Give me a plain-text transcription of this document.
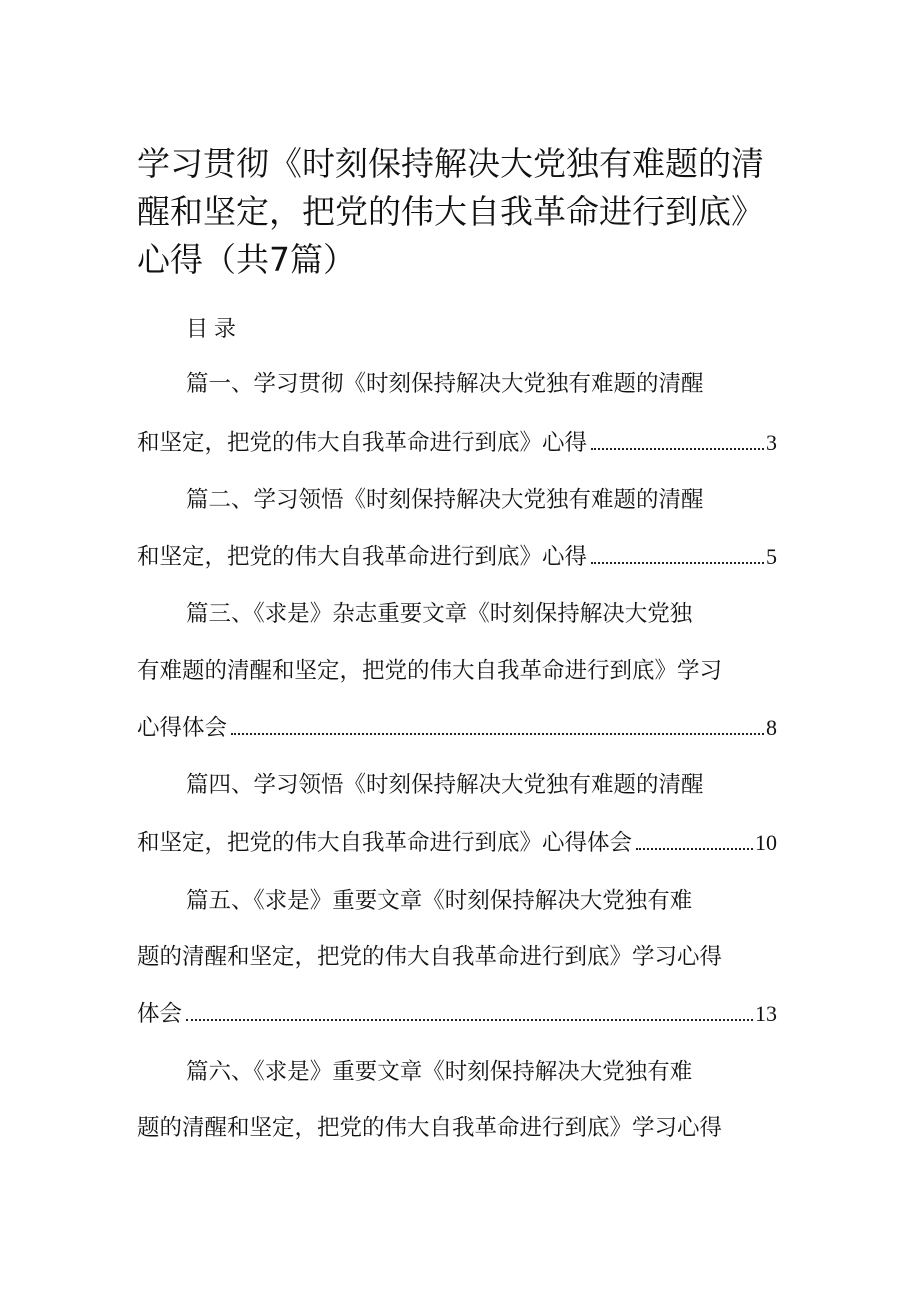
学习贯彻《时刻保持解决大党独有难题的清
醒和坚定，把党的伟大自我革命进行到底》
心得（共7篇）
目录
篇一、学习贯彻《时刻保持解决大党独有难题的清醒
和坚定，把党的伟大自我革命进行到底》心得	3
篇二、学习领悟《时刻保持解决大党独有难题的清醒
和坚定，把党的伟大自我革命进行到底》心得	5
篇三、《求是》杂志重要文章《时刻保持解决大党独
有难题的清醒和坚定，把党的伟大自我革命进行到底》学习
心得体会	8
篇四、学习领悟《时刻保持解决大党独有难题的清醒
和坚定，把党的伟大自我革命进行到底》心得体会	10
篇五、《求是》重要文章《时刻保持解决大党独有难
题的清醒和坚定，把党的伟大自我革命进行到底》学习心得
体会	13
篇六、《求是》重要文章《时刻保持解决大党独有难
题的清醒和坚定，把党的伟大自我革命进行到底》学习心得
